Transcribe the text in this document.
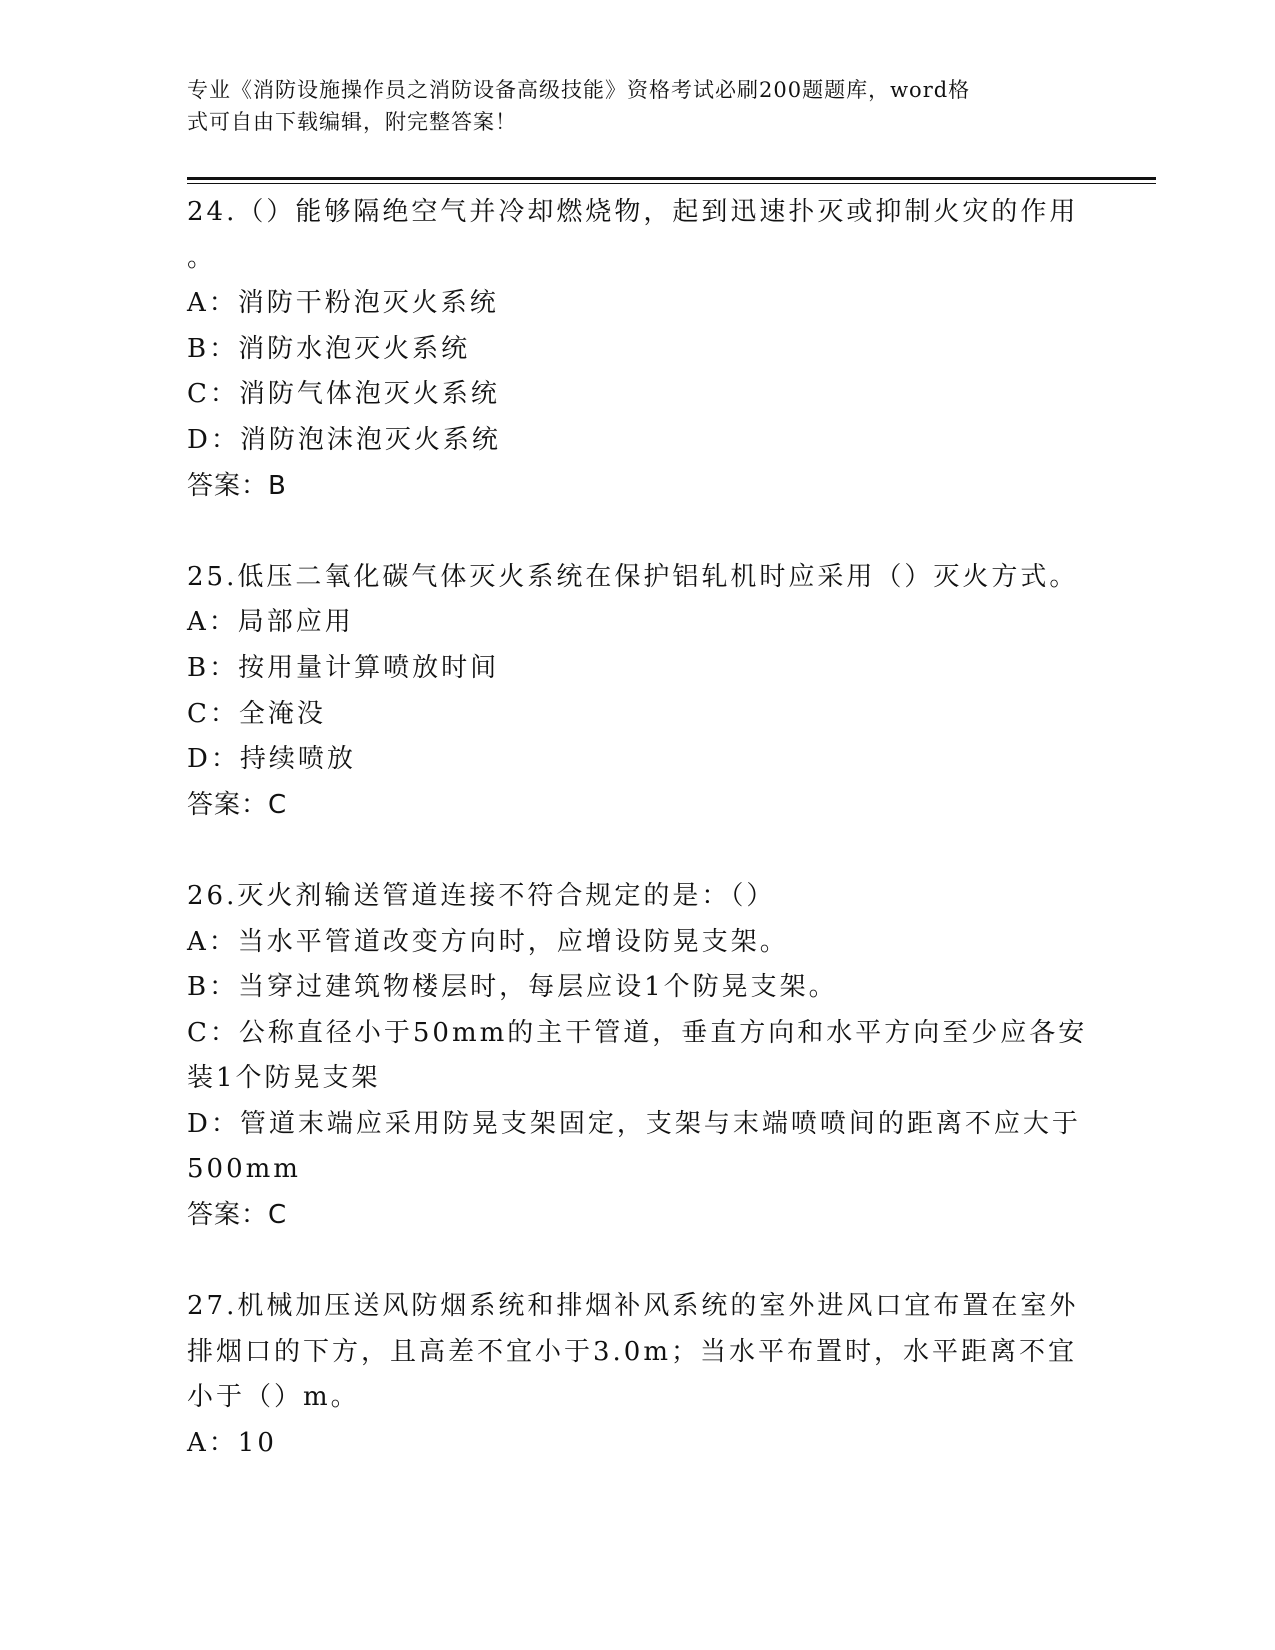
专业《消防设施操作员之消防设备高级技能》资格考试必刷200题题库，word格
式可自由下载编辑，附完整答案！
24.（）能够隔绝空气并冷却燃烧物，起到迅速扑灭或抑制火灾的作用
。
A：消防干粉泡灭火系统
B：消防水泡灭火系统
C：消防气体泡灭火系统
D：消防泡沫泡灭火系统
答案：B
25.低压二氧化碳气体灭火系统在保护铝轧机时应采用（）灭火方式。
A：局部应用
B：按用量计算喷放时间
C：全淹没
D：持续喷放
答案：C
26.灭火剂输送管道连接不符合规定的是：（）
A：当水平管道改变方向时，应增设防晃支架。
B：当穿过建筑物楼层时，每层应设1个防晃支架。
C：公称直径小于50mm的主干管道，垂直方向和水平方向至少应各安
装1个防晃支架
D：管道末端应采用防晃支架固定，支架与末端喷喷间的距离不应大于
500mm
答案：C
27.机械加压送风防烟系统和排烟补风系统的室外进风口宜布置在室外
排烟口的下方，且高差不宜小于3.0m；当水平布置时，水平距离不宜
小于（）m。
A：10
